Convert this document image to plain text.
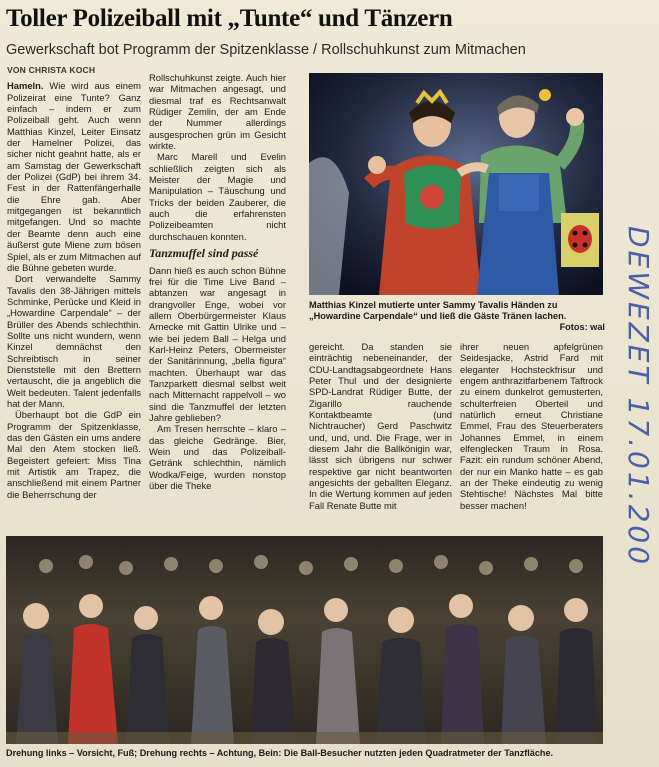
Toller Polizeiball mit „Tunte“ und Tänzern
Gewerkschaft bot Programm der Spitzenklasse / Rollschuhkunst zum Mitmachen
VON CHRISTA KOCH

Hameln. Wie wird aus einem Polizeirat eine Tunte? Ganz einfach – indem er zum Polizeiball geht. Auch wenn Matthias Kinzel, Leiter Einsatz der Hamelner Polizei, das sicher nicht geahnt hatte, als er am Samstag der Gewerkschaft der Polizei (GdP) bei ihrem 34. Fest in der Rattenfängerhalle die Ehre gab. Aber mitgegangen ist bekanntlich mitgefangen. Und so machte der Beamte denn auch eine äußerst gute Miene zum bösen Spiel, als er zum Mitmachen auf die Bühne gebeten wurde.

Dort verwandelte Sammy Tavalis den 38-Jährigen mittels Schminke, Perücke und Kleid in „Howardine Carpendale“ – der Brüller des Abends schlechthin. Sollte uns nicht wundern, wenn Kinzel demnächst den Schreibtisch in seiner Dienststelle mit den Brettern vertauscht, die ja angeblich die Welt bedeuten. Talent jedenfalls hat der Mann.

Überhaupt bot die GdP ein Programm der Spitzenklasse, das den Gästen ein ums andere Mal den Atem stocken ließ. Begeistert gefeiert: Miss Tina mit Artistik am Trapez, die anschließend mit einem Partner die Beherrschung der

Rollschuhkunst zeigte. Auch hier war Mitmachen angesagt, und diesmal traf es Rechtsanwalt Rüdiger Zemlin, der am Ende der Nummer allerdings ausgesprochen grün im Gesicht wirkte.

Marc Marell und Evelin schließlich zeigten sich als Meister der Magie und Manipulation – Täuschung und Tricks der beiden Zauberer, die auch die erfahrensten Polizeibeamten nicht durchschauen konnten.

Tanzmuffel sind passé

Dann hieß es auch schon Bühne frei für die Time Live Band – abtanzen war angesagt in drangvoller Enge, wobei vor allem Oberbürgermeister Klaus Arnecke mit Gattin Ulrike und – wie bei jedem Ball – Helga und Karl-Heinz Peters, Obermeister der Sanitärinnung, „bella figura“ machten. Überhaupt war das Tanzparkett diesmal selbst weit nach Mitternacht rappelvoll – wo sind die Tanzmuffel der letzten Jahre geblieben?

Am Tresen herrschte – klaro – das gleiche Gedränge. Bier, Wein und das Polizeiball-Getränk schlechthin, nämlich Wodka/Feige, wurden nonstop über die Theke

Matthias Kinzel mutierte unter Sammy Tavalis Händen zu „Howardine Carpendale“ und ließ die Gäste Tränen lachen.
Fotos: wal

gereicht. Da standen sie einträchtig nebeneinander, der CDU-Landtagsabgeordnete Hans Peter Thul und der designierte SPD-Landrat Rüdiger Butte, der Zigarillo rauchende Kontaktbeamte (und Nichtraucher) Gerd Paschwitz und, und, und. Die Frage, wer in diesem Jahr die Ballkönigin war, lässt sich übrigens nur schwer respektive gar nicht beantworten angesichts der geballten Eleganz. In die Wertung kommen auf jeden Fall Renate Butte mit

ihrer neuen apfelgrünen Seidesjacke, Astrid Fard mit eleganter Hochsteckfrisur und engem anthrazitfarbenem Taftrock zu einem dunkelrot gemusterten, schulterfreien Oberteil und natürlich erneut Christiane Emmel, Frau des Steuerberaters Johannes Emmel, in einem elfenglecken Traum in Rosa. Fazit: ein rundum schöner Abend, der nur ein Manko hatte – es gab an der Theke eindeutig zu wenig Stehtische! Nächstes Mal bitte besser machen!	DEWEZET 17.01.2009
Drehung links – Vorsicht, Fuß; Drehung rechts – Achtung, Bein: Die Ball-Besucher nutzten jeden Quadratmeter der Tanzfläche.
